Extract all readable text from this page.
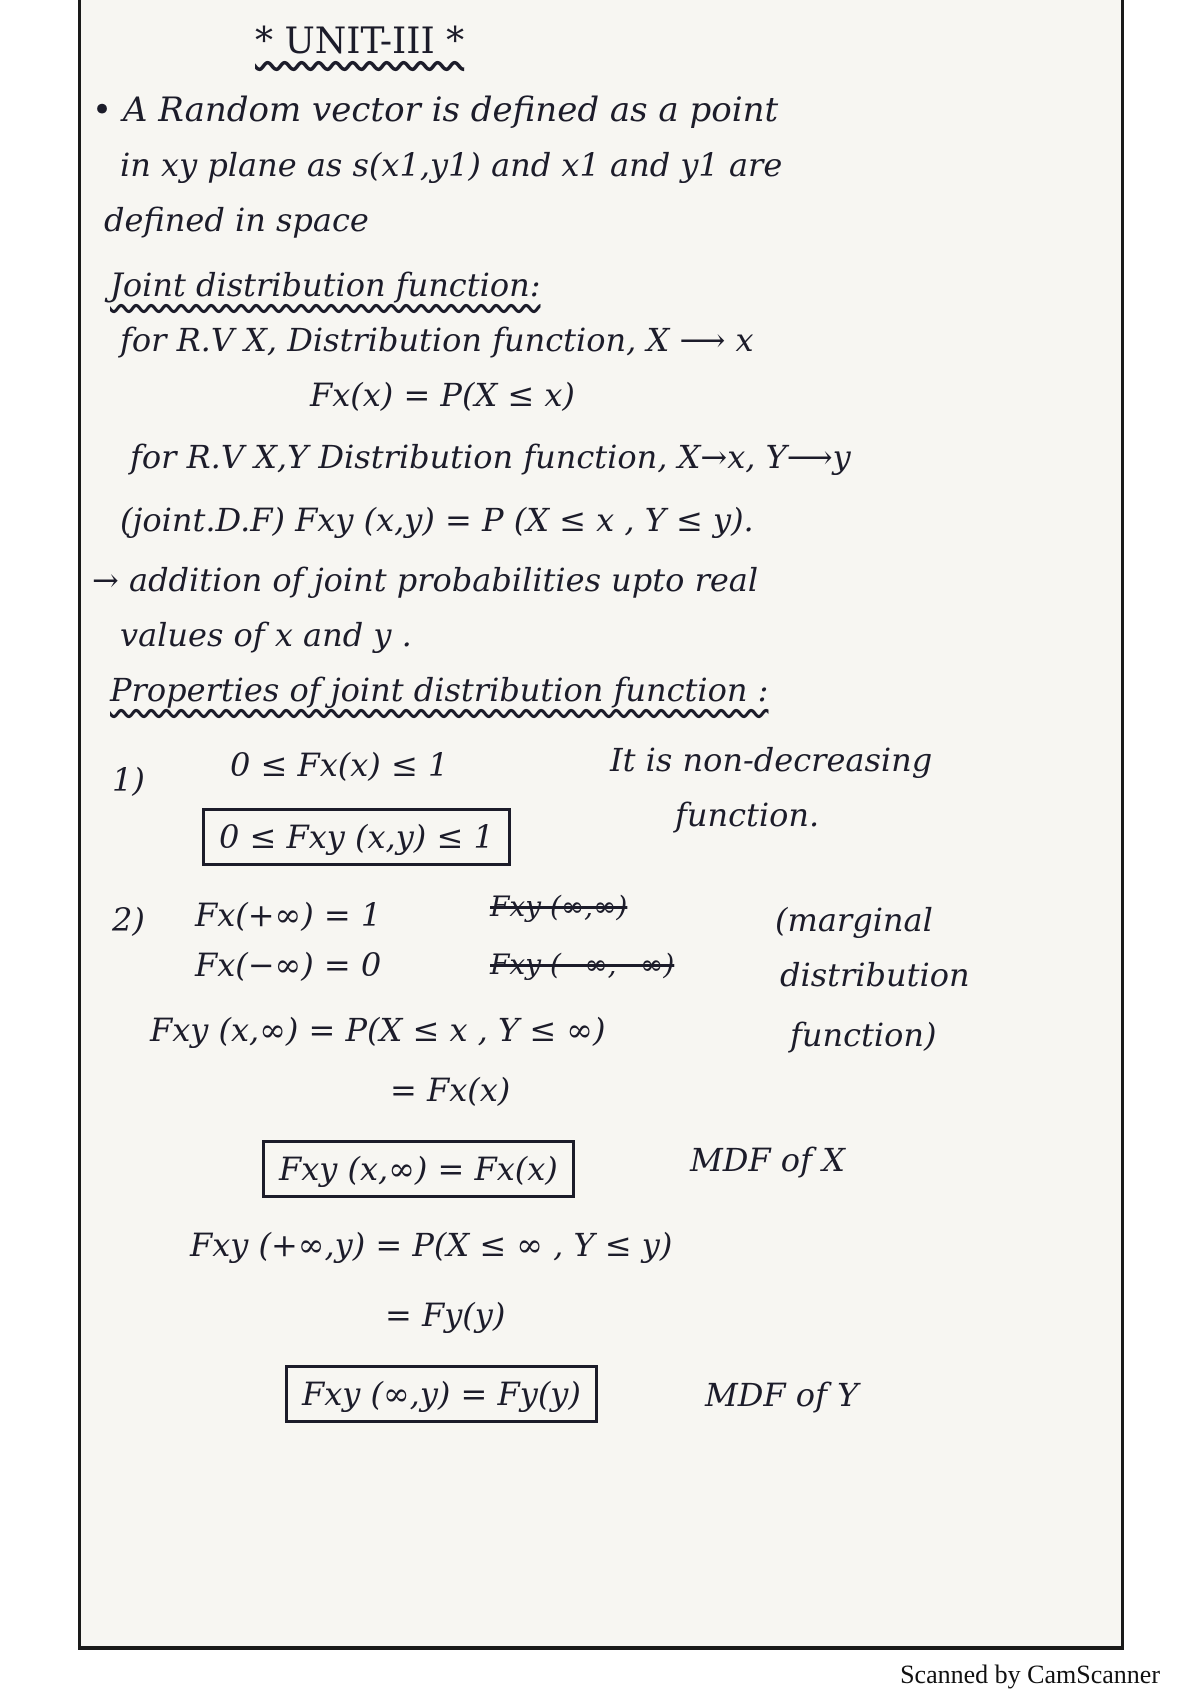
* UNIT-III *
• A Random vector is defined as a point
in xy plane as s(x1,y1) and x1 and y1 are
defined in space
Joint distribution function:
for R.V X, Distribution function, X ⟶ x
Fx(x) = P(X ≤ x)
for R.V X,Y Distribution function, X→x, Y⟶y
(joint.D.F) Fxy (x,y) = P (X ≤ x , Y ≤ y).
→ addition of joint probabilities upto real
values of x and y .
Properties of joint distribution function :
1)	0 ≤ Fx(x) ≤ 1	It is non-decreasing
0 ≤ Fxy (x,y) ≤ 1
function.
2) Fx(+∞) = 1	Fxy (∞,∞)	(marginal
Fx(−∞) = 0	Fxy (−∞,−∞)	distribution
Fxy (x,∞) = P(X ≤ x , Y ≤ ∞)	function)
= Fx(x)
Fxy (x,∞) = Fx(x)	MDF of X
Fxy (+∞,y) = P(X ≤ ∞ , Y ≤ y)
= Fy(y)
Fxy (∞,y) = Fy(y)	MDF of Y
Scanned by CamScanner
